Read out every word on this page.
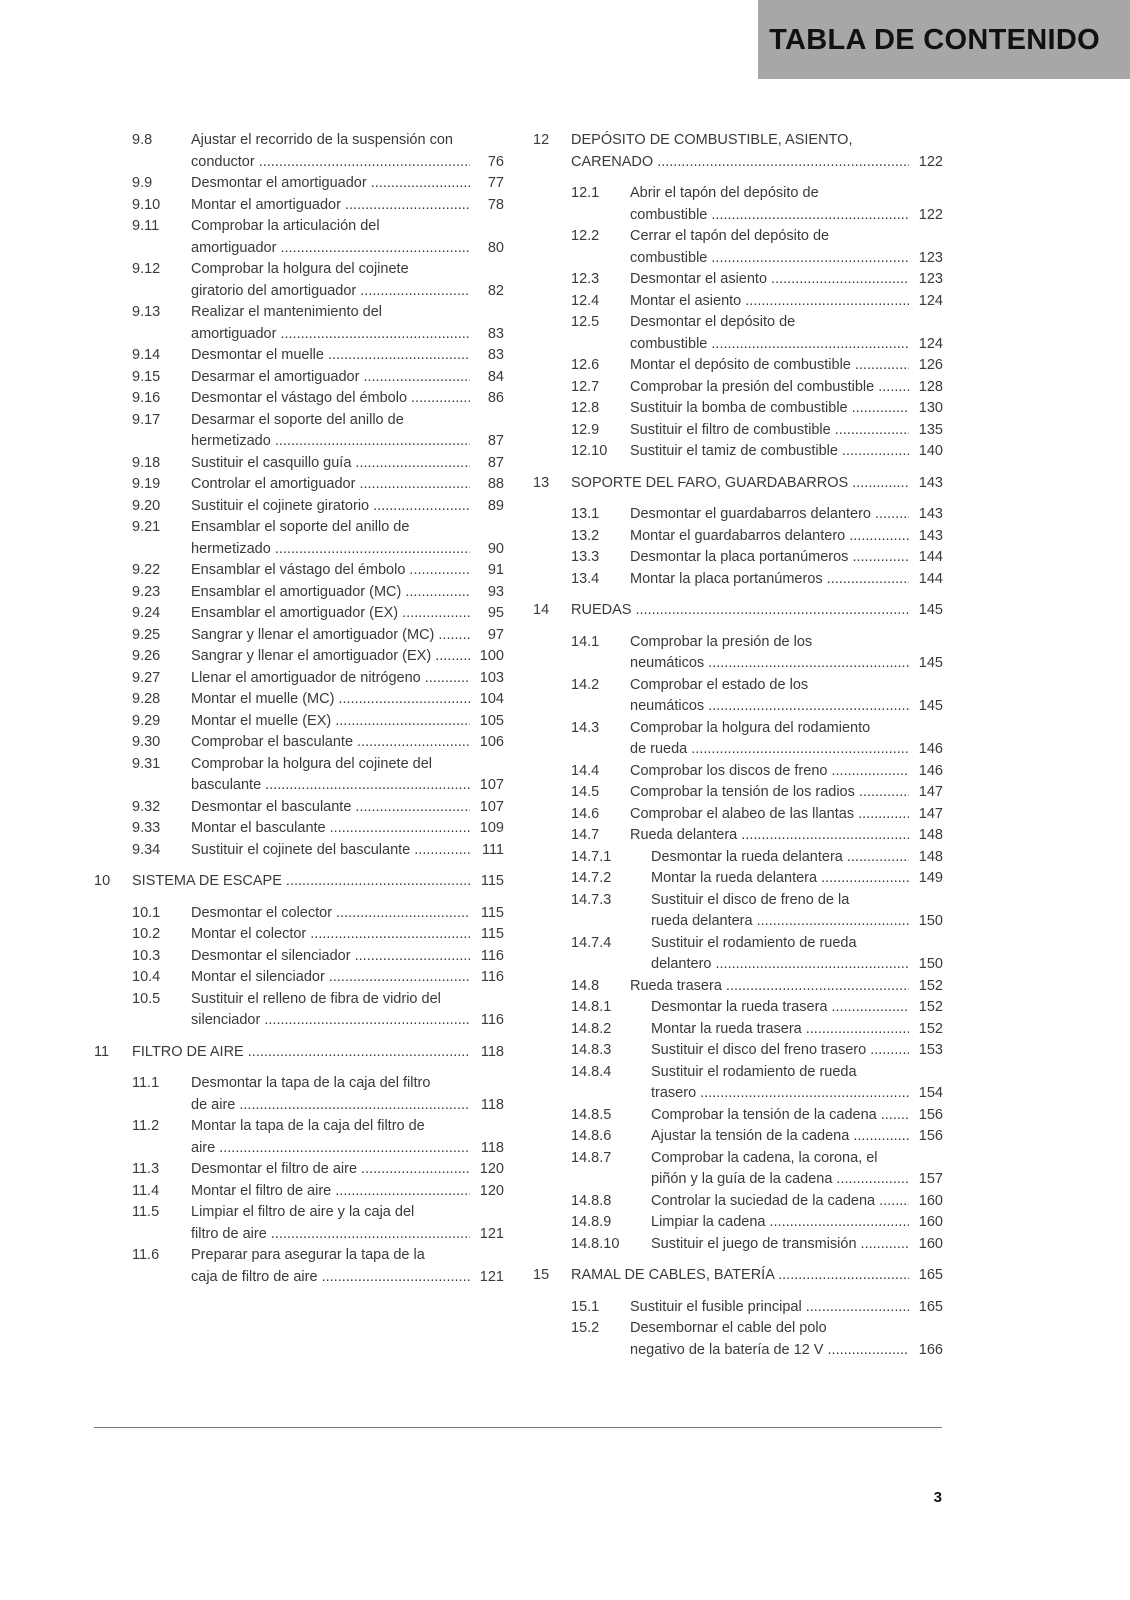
TABLA DE CONTENIDO
9.8	Ajustar el recorrido de la suspensión con
conductor .....	76
9.9	Desmontar el amortiguador .....	77
9.10 Montar el amortiguador .....	78
9.11 Comprobar la articulación del
amortiguador .....	80
9.12 Comprobar la holgura del cojinete
giratorio del amortiguador .....	82
9.13 Realizar el mantenimiento del
amortiguador .....	83
9.14 Desmontar el muelle .....	83
9.15 Desarmar el amortiguador .....	84
9.16 Desmontar el vástago del émbolo .....	86
9.17 Desarmar el soporte del anillo de
hermetizado .....	87
9.18 Sustituir el casquillo guía .....	87
9.19 Controlar el amortiguador .....	88
9.20 Sustituir el cojinete giratorio .....	89
9.21 Ensamblar el soporte del anillo de
hermetizado .....	90
9.22 Ensamblar el vástago del émbolo .....	91
9.23 Ensamblar el amortiguador (MC) .....	93
9.24 Ensamblar el amortiguador (EX) .....	95
9.25 Sangrar y llenar el amortiguador (MC) .....	97
9.26 Sangrar y llenar el amortiguador (EX) .....	100
9.27 Llenar el amortiguador de nitrógeno .....	103
9.28 Montar el muelle (MC) .....	104
9.29 Montar el muelle (EX) .....	105
9.30 Comprobar el basculante .....	106
9.31 Comprobar la holgura del cojinete del
basculante .....	107
9.32 Desmontar el basculante .....	107
9.33 Montar el basculante .....	109
9.34 Sustituir el cojinete del basculante .....	111
10 SISTEMA DE ESCAPE .....	115
10.1 Desmontar el colector .....	115
10.2 Montar el colector .....	115
10.3 Desmontar el silenciador .....	116
10.4 Montar el silenciador .....	116
10.5 Sustituir el relleno de fibra de vidrio del
silenciador .....	116
11 FILTRO DE AIRE .....	118
11.1 Desmontar la tapa de la caja del filtro
de aire .....	118
11.2 Montar la tapa de la caja del filtro de
aire .....	118
11.3 Desmontar el filtro de aire .....	120
11.4 Montar el filtro de aire .....	120
11.5 Limpiar el filtro de aire y la caja del
filtro de aire .....	121
11.6 Preparar para asegurar la tapa de la
caja de filtro de aire .....	121
12 DEPÓSITO DE COMBUSTIBLE, ASIENTO,
CARENADO .....	122
12.1 Abrir el tapón del depósito de
combustible .....	122
12.2 Cerrar el tapón del depósito de
combustible .....	123
12.3 Desmontar el asiento .....	123
12.4 Montar el asiento .....	124
12.5 Desmontar el depósito de
combustible .....	124
12.6 Montar el depósito de combustible .....	126
12.7 Comprobar la presión del combustible .....	128
12.8 Sustituir la bomba de combustible .....	130
12.9 Sustituir el filtro de combustible .....	135
12.10 Sustituir el tamiz de combustible .....	140
13 SOPORTE DEL FARO, GUARDABARROS .....	143
13.1 Desmontar el guardabarros delantero .....	143
13.2 Montar el guardabarros delantero .....	143
13.3 Desmontar la placa portanúmeros .....	144
13.4 Montar la placa portanúmeros .....	144
14 RUEDAS .....	145
14.1 Comprobar la presión de los
neumáticos .....	145
14.2 Comprobar el estado de los
neumáticos .....	145
14.3 Comprobar la holgura del rodamiento
de rueda .....	146
14.4 Comprobar los discos de freno .....	146
14.5 Comprobar la tensión de los radios .....	147
14.6 Comprobar el alabeo de las llantas .....	147
14.7 Rueda delantera .....	148
14.7.1	Desmontar la rueda delantera .....	148
14.7.2	Montar la rueda delantera .....	149
14.7.3	Sustituir el disco de freno de la
rueda delantera .....	150
14.7.4	Sustituir el rodamiento de rueda
delantero .....	150
14.8 Rueda trasera .....	152
14.8.1	Desmontar la rueda trasera .....	152
14.8.2	Montar la rueda trasera .....	152
14.8.3	Sustituir el disco del freno trasero .....	153
14.8.4	Sustituir el rodamiento de rueda
trasero .....	154
14.8.5	Comprobar la tensión de la cadena .....	156
14.8.6	Ajustar la tensión de la cadena .....	156
14.8.7	Comprobar la cadena, la corona, el
piñón y la guía de la cadena .....	157
14.8.8	Controlar la suciedad de la cadena .....	160
14.8.9	Limpiar la cadena .....	160
14.8.10 Sustituir el juego de transmisión .....	160
15 RAMAL DE CABLES, BATERÍA .....	165
15.1 Sustituir el fusible principal .....	165
15.2 Desembornar el cable del polo
negativo de la batería de 12 V .....	166
3
